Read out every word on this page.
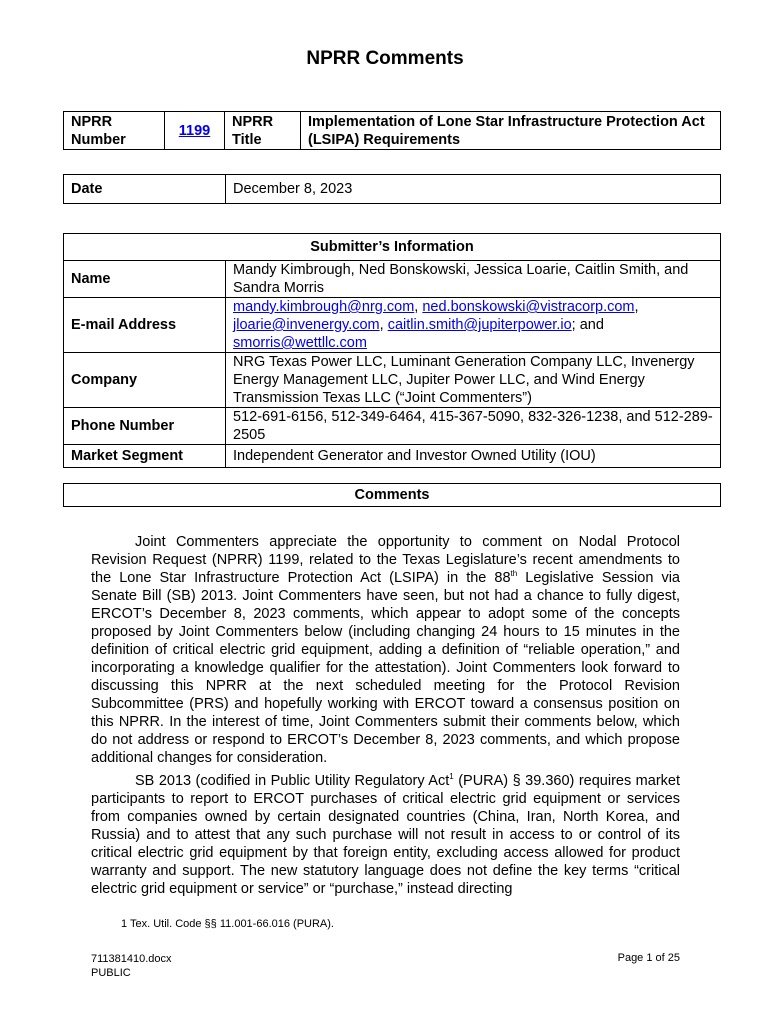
NPRR Comments
NPRR Number	1199	NPRR Title	Implementation of Lone Star Infrastructure Protection Act (LSIPA) Requirements
Date	December 8, 2023
Submitter’s Information	
Name	Mandy Kimbrough, Ned Bonskowski, Jessica Loarie, Caitlin Smith, and Sandra Morris
E-mail Address	mandy.kimbrough@nrg.com, ned.bonskowski@vistracorp.com, jloarie@invenergy.com, caitlin.smith@jupiterpower.io; and smorris@wettllc.com
Company	NRG Texas Power LLC, Luminant Generation Company LLC, Invenergy Energy Management LLC, Jupiter Power LLC, and Wind Energy Transmission Texas LLC (“Joint Commenters”)
Phone Number	512-691-6156, 512-349-6464, 415-367-5090, 832-326-1238, and 512-289-2505
Market Segment	Independent Generator and Investor Owned Utility (IOU)
Comments

Joint Commenters appreciate the opportunity to comment on Nodal Protocol Revision Request (NPRR) 1199, related to the Texas Legislature’s recent amendments to the Lone Star Infrastructure Protection Act (LSIPA) in the 88th Legislative Session via Senate Bill (SB) 2013. Joint Commenters have seen, but not had a chance to fully digest, ERCOT’s December 8, 2023 comments, which appear to adopt some of the concepts proposed by Joint Commenters below (including changing 24 hours to 15 minutes in the definition of critical electric grid equipment, adding a definition of “reliable operation,” and incorporating a knowledge qualifier for the attestation). Joint Commenters look forward to discussing this NPRR at the next scheduled meeting for the Protocol Revision Subcommittee (PRS) and hopefully working with ERCOT toward a consensus position on this NPRR. In the interest of time, Joint Commenters submit their comments below, which do not address or respond to ERCOT’s December 8, 2023 comments, and which propose additional changes for consideration.

SB 2013 (codified in Public Utility Regulatory Act$^1$ (PURA) § 39.360) requires market participants to report to ERCOT purchases of critical electric grid equipment or services from companies owned by certain designated countries (China, Iran, North Korea, and Russia) and to attest that any such purchase will not result in access to or control of its critical electric grid equipment by that foreign entity, excluding access allowed for product warranty and support. The new statutory language does not define the key terms “critical electric grid equipment or service” or “purchase,” instead directing

1 Tex. Util. Code §§ 11.001-66.016 (PURA).
711381410.docx
PUBLIC
Page 1 of 25
